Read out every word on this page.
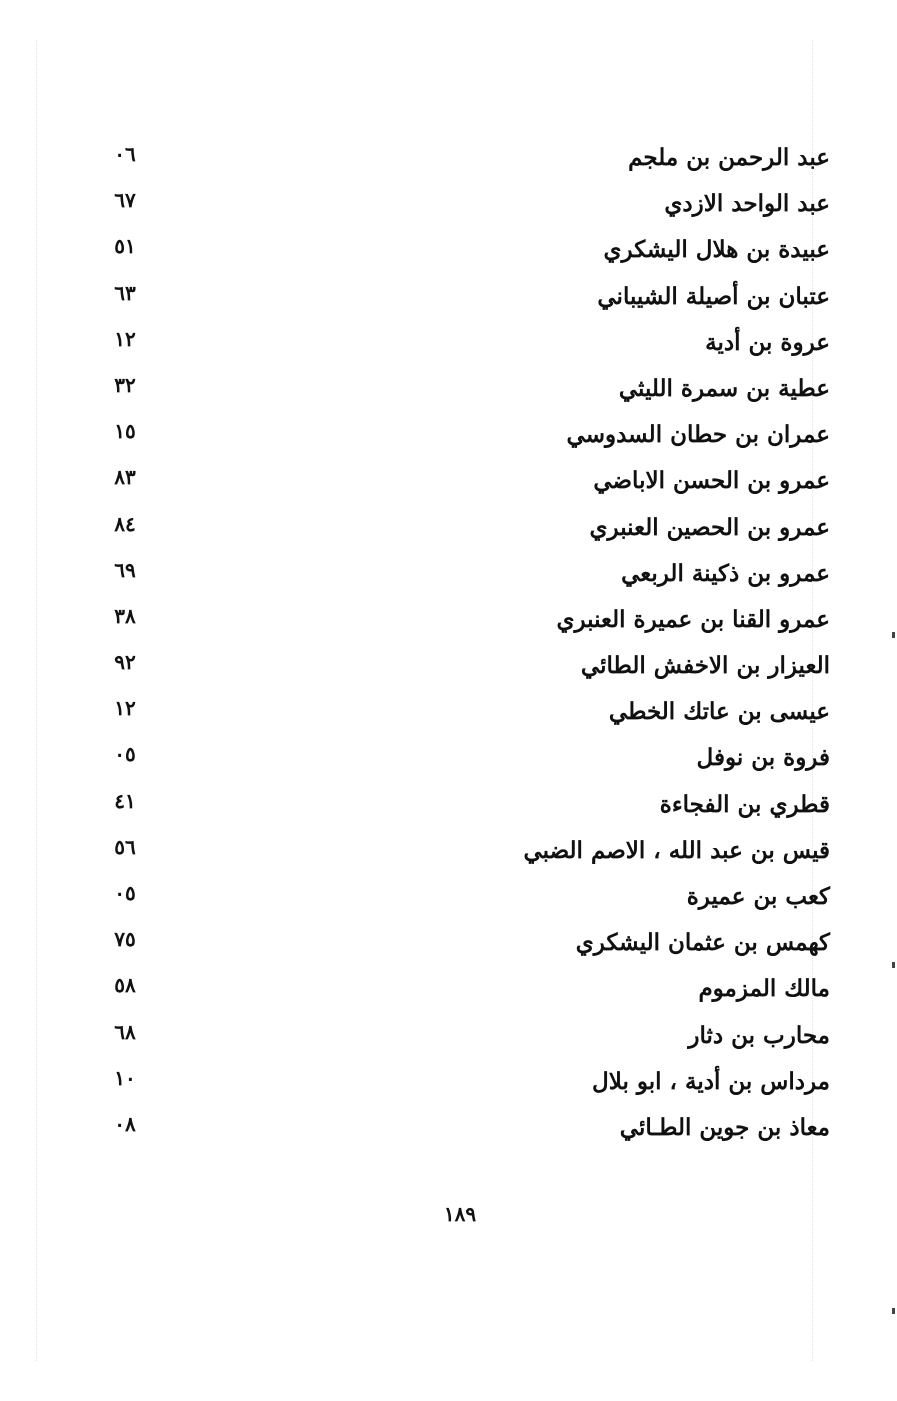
عبد الرحمن بن ملجم
٠٦
عبد الواحد الازدي
٦٧
عبيدة بن هلال اليشكري
٥١
عتبان بن أصيلة الشيباني
٦٣
عروة بن أدية
١٢
عطية بن سمرة الليثي
٣٢
عمران بن حطان السدوسي
١٥
عمرو بن الحسن الاباضي
٨٣
عمرو بن الحصين العنبري
٨٤
عمرو بن ذكينة الربعي
٦٩
عمرو القنا بن عميرة العنبري
٣٨
العيزار بن الاخفش الطائي
٩٢
عيسى بن عاتك الخطي
١٢
فروة بن نوفل
٠٥
قطري بن الفجاءة
٤١
قيس بن عبد الله ، الاصم الضبي
٥٦
كعب بن عميرة
٠٥
كهمس بن عثمان اليشكري
٧٥
مالك المزموم
٥٨
محارب بن دثار
٦٨
مرداس بن أدية ، ابو بلال
١٠
معاذ بن جوين الطـائي
٠٨
١٨٩
